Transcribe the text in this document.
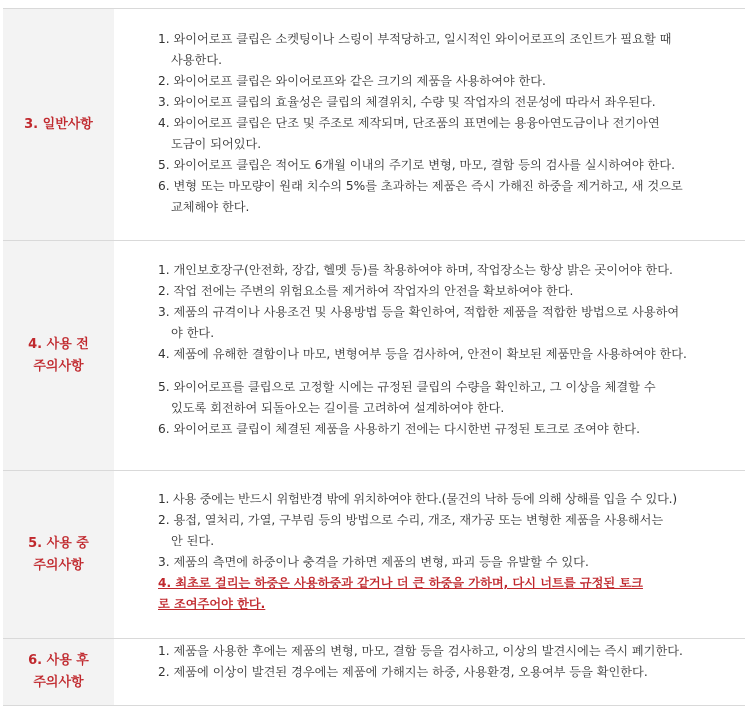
3. 일반사항
1. 와이어로프 클립은 소켓팅이나 스링이 부적당하고, 일시적인 와이어로프의 조인트가 필요할 때
사용한다.
2. 와이어로프 클립은 와이어로프와 같은 크기의 제품을 사용하여야 한다.
3. 와이어로프 클립의 효율성은 클립의 체결위치, 수량 및 작업자의 전문성에 따라서 좌우된다.
4. 와이어로프 클립은 단조 및 주조로 제작되며, 단조품의 표면에는 용융아연도금이나 전기아연
도금이 되어있다.
5. 와이어로프 클립은 적어도 6개월 이내의 주기로 변형, 마모, 결함 등의 검사를 실시하여야 한다.
6. 변형 또는 마모량이 원래 치수의 5%를 초과하는 제품은 즉시 가해진 하중을 제거하고, 새 것으로
교체해야 한다.
4. 사용 전
주의사항
1. 개인보호장구(안전화, 장갑, 헬멧 등)를 착용하여야 하며, 작업장소는 항상 밝은 곳이어야 한다.
2. 작업 전에는 주변의 위험요소를 제거하여 작업자의 안전을 확보하여야 한다.
3. 제품의 규격이나 사용조건 및 사용방법 등을 확인하여, 적합한 제품을 적합한 방법으로 사용하여
야 한다.
4. 제품에 유해한 결함이나 마모, 변형여부 등을 검사하여, 안전이 확보된 제품만을 사용하여야 한다.
5. 와이어로프를 클립으로 고정할 시에는 규정된 클립의 수량을 확인하고, 그 이상을 체결할 수
있도록 회전하여 되돌아오는 길이를 고려하여 설계하여야 한다.
6. 와이어로프 클립이 체결된 제품을 사용하기 전에는 다시한번 규정된 토크로 조여야 한다.
5. 사용 중
주의사항
1. 사용 중에는 반드시 위험반경 밖에 위치하여야 한다.(물건의 낙하 등에 의해 상해를 입을 수 있다.)
2. 용접, 열처리, 가열, 구부림 등의 방법으로 수리, 개조, 재가공 또는 변형한 제품을 사용해서는
안 된다.
3. 제품의 측면에 하중이나 충격을 가하면 제품의 변형, 파괴 등을 유발할 수 있다.
4. 최초로 걸리는 하중은 사용하중과 같거나 더 큰 하중을 가하며, 다시 너트를 규정된 토크
로 조여주어야 한다.
6. 사용 후
주의사항
1. 제품을 사용한 후에는 제품의 변형, 마모, 결함 등을 검사하고, 이상의 발견시에는 즉시 폐기한다.
2. 제품에 이상이 발견된 경우에는 제품에 가해지는 하중, 사용환경, 오용여부 등을 확인한다.
